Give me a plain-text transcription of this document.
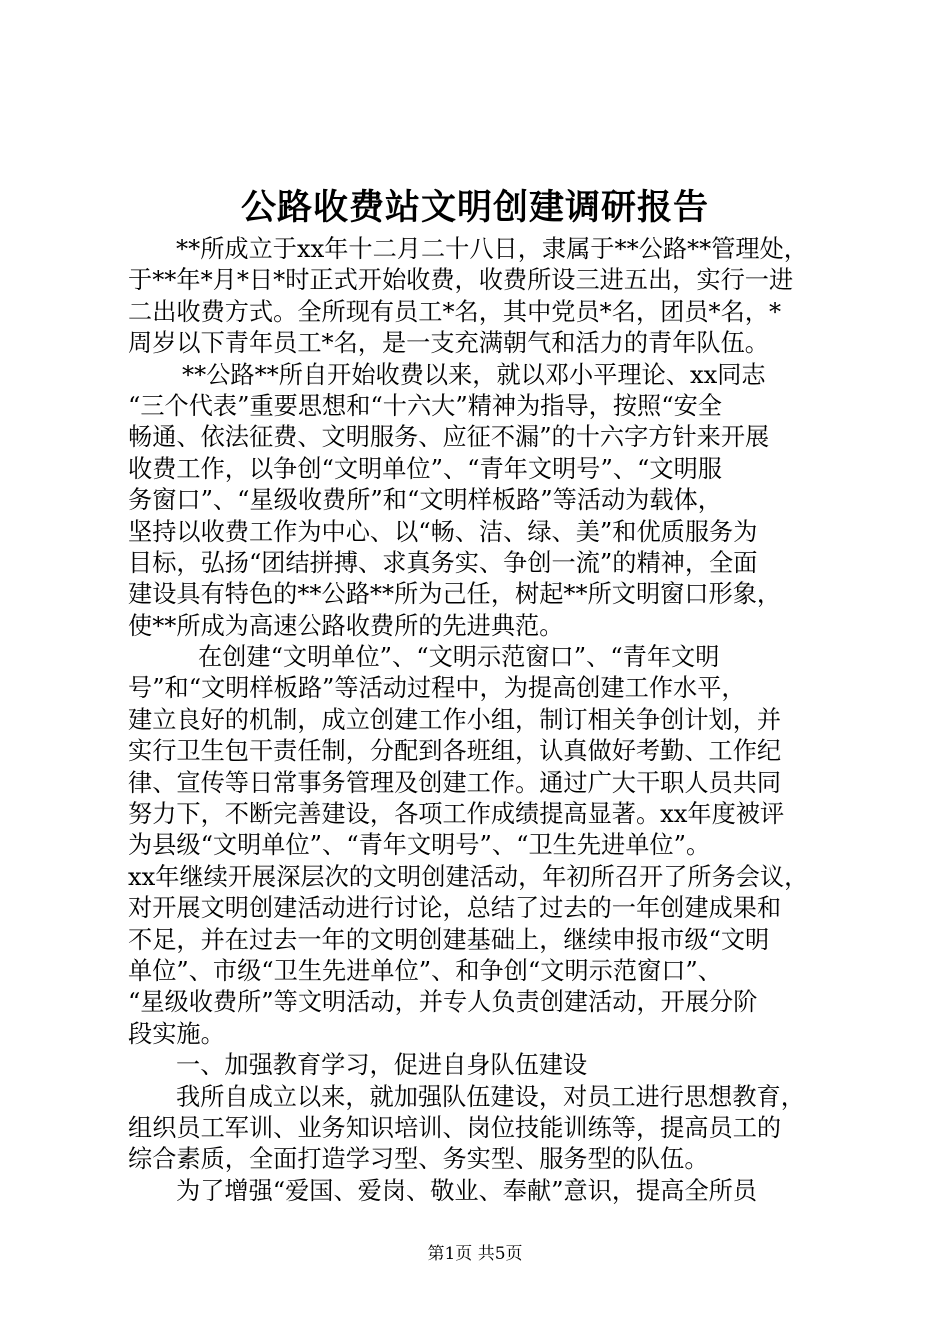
公路收费站文明创建调研报告
**所成立于xx年十二月二十八日，隶属于**公路**管理处，
于**年*月*日*时正式开始收费，收费所设三进五出，实行一进
二出收费方式。全所现有员工*名，其中党员*名，团员*名，*
周岁以下青年员工*名，是一支充满朝气和活力的青年队伍。
**公路**所自开始收费以来，就以邓小平理论、xx同志
“三个代表”重要思想和“十六大”精神为指导，按照“安全
畅通、依法征费、文明服务、应征不漏”的十六字方针来开展
收费工作，以争创“文明单位”、“青年文明号”、“文明服
务窗口”、“星级收费所”和“文明样板路”等活动为载体，
坚持以收费工作为中心、以“畅、洁、绿、美”和优质服务为
目标，弘扬“团结拼搏、求真务实、争创一流”的精神，全面
建设具有特色的**公路**所为己任，树起**所文明窗口形象，
使**所成为高速公路收费所的先进典范。
在创建“文明单位”、“文明示范窗口”、“青年文明
号”和“文明样板路”等活动过程中，为提高创建工作水平，
建立良好的机制，成立创建工作小组，制订相关争创计划，并
实行卫生包干责任制，分配到各班组，认真做好考勤、工作纪
律、宣传等日常事务管理及创建工作。通过广大干职人员共同
努力下，不断完善建设，各项工作成绩提高显著。xx年度被评
为县级“文明单位”、“青年文明号”、“卫生先进单位”。
xx年继续开展深层次的文明创建活动，年初所召开了所务会议，
对开展文明创建活动进行讨论，总结了过去的一年创建成果和
不足，并在过去一年的文明创建基础上，继续申报市级“文明
单位”、市级“卫生先进单位”、和争创“文明示范窗口”、
“星级收费所”等文明活动，并专人负责创建活动，开展分阶
段实施。
一、加强教育学习，促进自身队伍建设
我所自成立以来，就加强队伍建设，对员工进行思想教育，
组织员工军训、业务知识培训、岗位技能训练等，提高员工的
综合素质，全面打造学习型、务实型、服务型的队伍。
为了增强“爱国、爱岗、敬业、奉献”意识，提高全所员
第1页 共5页
